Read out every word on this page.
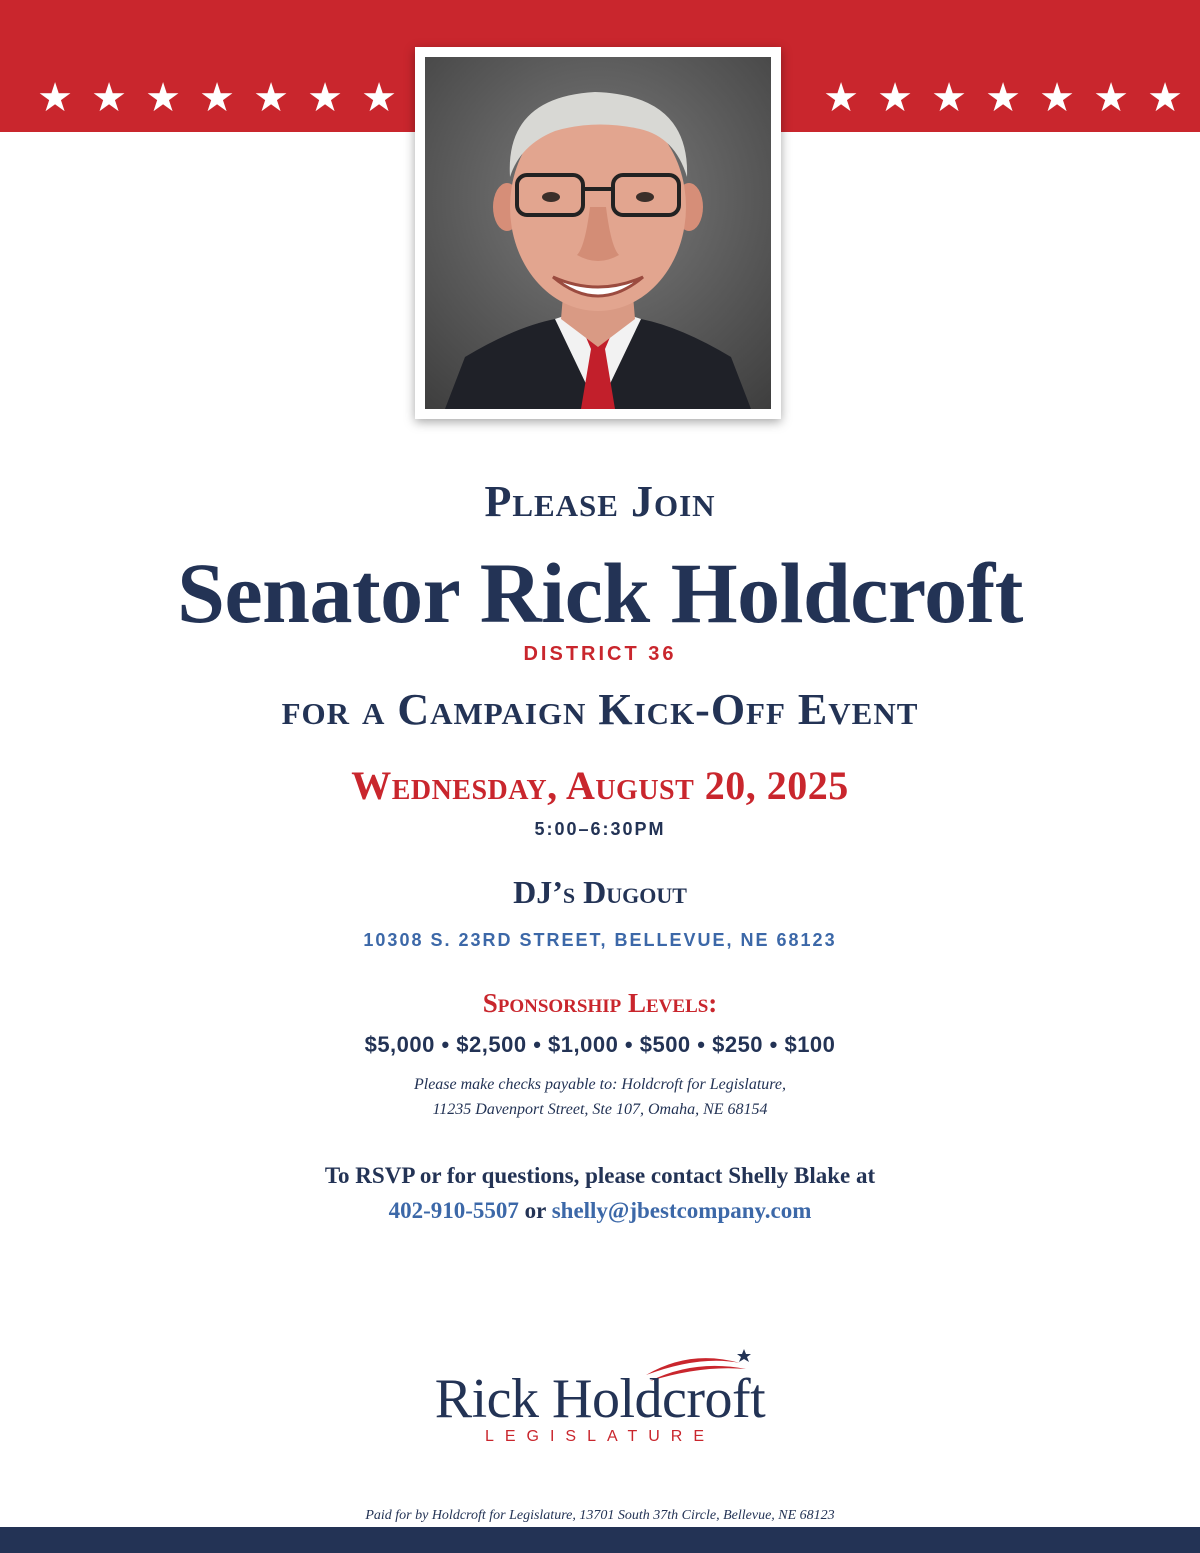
★ ★ ★ ★ ★ ★ ★	★ ★ ★ ★ ★ ★ ★
Please Join
Senator Rick Holdcroft
DISTRICT 36
for a Campaign Kick-Off Event
Wednesday, August 20, 2025
5:00–6:30PM
DJ’s Dugout
10308 S. 23RD STREET, BELLEVUE, NE 68123
Sponsorship Levels:
$5,000 • $2,500 • $1,000 • $500 • $250 • $100
Please make checks payable to: Holdcroft for Legislature,
11235 Davenport Street, Ste 107, Omaha, NE 68154
To RSVP or for questions, please contact Shelly Blake at
402-910-5507 or shelly@jbestcompany.com
Rick Holdcroft
LEGISLATURE
Paid for by Holdcroft for Legislature, 13701 South 37th Circle, Bellevue, NE 68123
